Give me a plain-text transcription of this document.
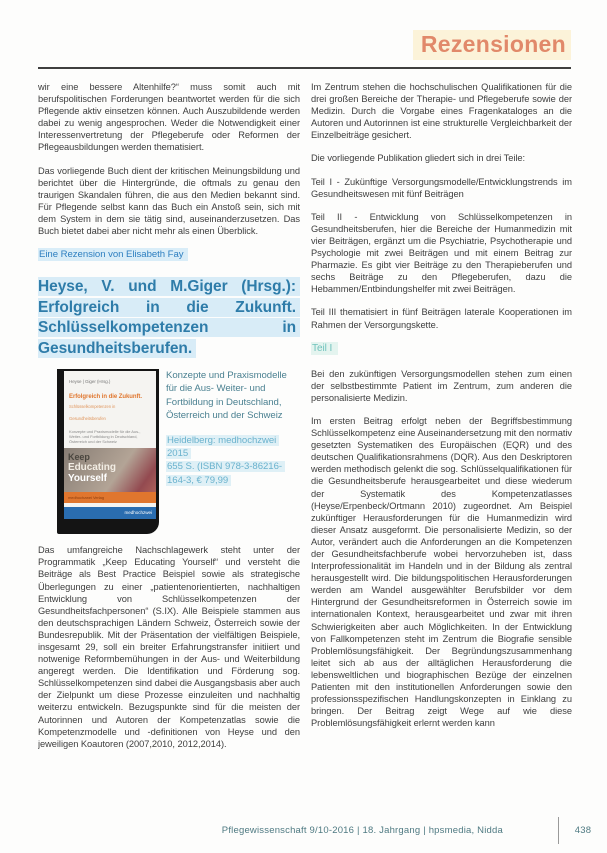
Rezensionen

wir eine bessere Altenhilfe?“ muss somit auch mit berufspolitischen Forderungen beantwortet werden für die sich Pflegende aktiv einsetzen können. Auch Auszubildende werden dabei zu wenig angesprochen. Weder die Notwendigkeit einer Interessenvertretung der Pflegeberufe oder Reformen der Pflegeausbildungen werden thematisiert.

Das vorliegende Buch dient der kritischen Meinungsbildung und berichtet über die Hintergründe, die oftmals zu genau den traurigen Skandalen führen, die aus den Medien bekannt sind. Für Pflegende selbst kann das Buch ein Anstoß sein, sich mit dem System in dem sie tätig sind, auseinanderzusetzen. Das Buch bietet dabei aber nicht mehr als einen Überblick.

Eine Rezension von Elisabeth Fay
Heyse, V. und M.Giger (Hrsg.): Erfolgreich in die Zukunft. Schlüsselkompetenzen in Gesundheitsberufen.
Heyse | Giger (Hrsg.)
Erfolgreich in die Zukunft.
Schlüsselkompetenzen in Gesundheitsberufen
Konzepte und Praxismodelle für die Aus-, Weiter- und Fortbildung in Deutschland, Österreich und der Schweiz
Keep
Educating
Yourself
medhochzwei Verlag
medhochzwei
Konzepte und Praxismodelle für die Aus- Weiter- und Fortbildung in Deutschland, Österreich und der Schweiz
Heidelberg: medhochzwei 2015
655 S. (ISBN 978-3-86216-164-3, € 79,99

Das umfangreiche Nachschlagewerk steht unter der Programmatik „Keep Educating Yourself“ und versteht die Beiträge als Best Practice Beispiel sowie als strategische Überlegungen zu einer „patientenorientierten, nachhaltigen Entwicklung von Schlüsselkompetenzen der Gesundheitsfachpersonen“ (S.IX). Alle Beispiele stammen aus den deutschsprachigen Ländern Schweiz, Österreich sowie der Bundesrepublik. Mit der Präsentation der vielfältigen Beispiele, insgesamt 29, soll ein breiter Erfahrungstransfer initiiert und notwenige Reformbemühungen in der Aus- und Weiterbildung angeregt werden. Die Identifikation und Förderung sog. Schlüsselkompetenzen sind dabei die Ausgangsbasis aber auch der Zielpunkt um diese Prozesse einzuleiten und nachhaltig weiterzu entwickeln. Bezugspunkte sind für die meisten der Autorinnen und Autoren der Kompetenzatlas sowie die Kompetenzmodelle und -definitionen von Heyse und den jeweiligen Koautoren (2007,2010, 2012,2014).

Im Zentrum stehen die hochschulischen Qualifikationen für die drei großen Bereiche der Therapie- und Pflegeberufe sowie der Medizin. Durch die Vorgabe eines Fragenkataloges an die Autoren und Autorinnen ist eine strukturelle Vergleichbarkeit der Einzelbeiträge gesichert.

Die vorliegende Publikation gliedert sich in drei Teile:

Teil I - Zukünftige Versorgungsmodelle/Entwicklungstrends im Gesundheitswesen mit fünf Beiträgen

Teil II - Entwicklung von Schlüsselkompetenzen in Gesundheitsberufen, hier die Bereiche der Humanmedizin mit vier Beiträgen, ergänzt um die Psychiatrie, Psychotherapie und Psychologie mit zwei Beiträgen und mit einem Beitrag zur Pharmazie. Es gibt vier Beiträge zu den Therapieberufen und sechs Beiträge zu den Pflegeberufen, dazu die Hebammen/Entbindungshelfer mit zwei Beiträgen.

Teil III thematisiert in fünf Beiträgen laterale Kooperationen im Rahmen der Versorgungskette.

Teil I

Bei den zukünftigen Versorgungsmodellen stehen zum einen der selbstbestimmte Patient im Zentrum, zum anderen die personalisierte Medizin.

Im ersten Beitrag erfolgt neben der Begriffsbestimmung Schlüsselkompetenz eine Auseinandersetzung mit den normativ gesetzten Systematiken des Europäischen (EQR) und des deutschen Qualifikationsrahmens (DQR). Aus den Deskriptoren werden methodisch gelenkt die sog. Schlüsselqualifikationen für die Gesundheitsberufe herausgearbeitet und diese wiederum der Systematik des Kompetenzatlasses (Heyse/Erpenbeck/Ortmann 2010) zugeordnet. Am Beispiel zukünftiger Herausforderungen für die Humanmedizin wird dieser Ansatz ausgeformt. Die personalisierte Medizin, so der Autor, verändert auch die Anforderungen an die Kompetenzen der Gesundheitsfachberufe wobei hervorzuheben ist, dass Interprofessionalität im Handeln und in der Bildung als zentral herausgestellt wird. Die bildungspolitischen Herausforderungen werden am Wandel ausgewählter Berufsbilder vor dem Hintergrund der Gesundheitsreformen in Österreich sowie im internationalen Kontext, herausgearbeitet und zwar mit ihren Schwierigkeiten aber auch Möglichkeiten. In der Entwicklung von Fallkompetenzen steht im Zentrum die Biografie sensible Problemlösungsfähigkeit. Der Begründungszusammenhang leitet sich ab aus der alltäglichen Herausforderung die lebensweltlichen und biographischen Bezüge der einzelnen Patienten mit den institutionellen Anforderungen sowie den professionsspezifischen Handlungskonzepten in Einklang zu bringen. Der Beitrag zeigt Wege auf wie diese Problemlösungsfähigkeit erlernt werden kann

Pflegewissenschaft 9/10-2016 | 18. Jahrgang | hpsmedia, Nidda	438
